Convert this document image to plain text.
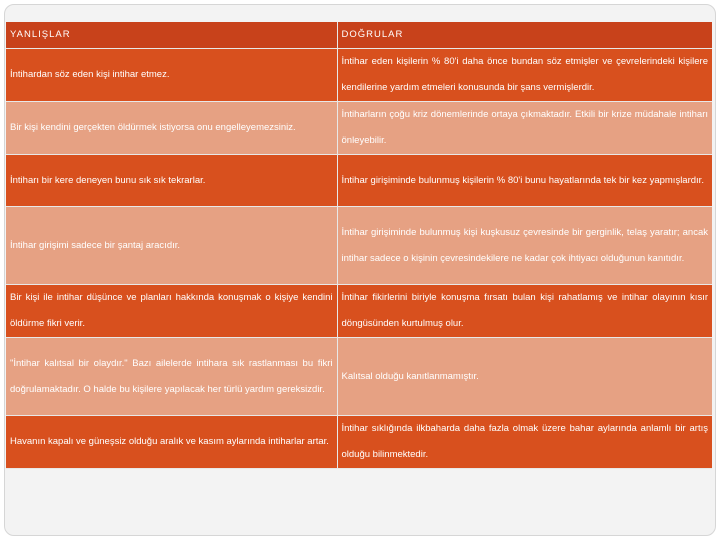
YANLIŞLAR	DOĞRULAR
İntihardan söz eden kişi intihar etmez.	İntihar eden kişilerin % 80'i daha önce bundan söz etmişler ve çevrelerindeki kişilere kendilerine yardım etmeleri konusunda bir şans vermişlerdir.
Bir kişi kendini gerçekten öldürmek istiyorsa onu engelleyemezsiniz.	İntiharların çoğu kriz dönemlerinde ortaya çıkmaktadır. Etkili bir krize müdahale intiharı önleyebilir.
İntiharı bir kere deneyen bunu sık sık tekrarlar.	İntihar girişiminde bulunmuş kişilerin % 80'i bunu hayatlarında tek bir kez yapmışlardır.
İntihar girişimi sadece bir şantaj aracıdır.	İntihar girişiminde bulunmuş kişi kuşkusuz çevresinde bir gerginlik, telaş yaratır; ancak intihar sadece o kişinin çevresindekilere ne kadar çok ihtiyacı olduğunun kanıtıdır.
Bir kişi ile intihar düşünce ve planları hakkında konuşmak o kişiye kendini öldürme fikri verir.	İntihar fikirlerini biriyle konuşma fırsatı bulan kişi rahatlamış ve intihar olayının kısır döngüsünden kurtulmuş olur.
"İntihar kalıtsal bir olaydır." Bazı ailelerde intihara sık rastlanması bu fikri doğrulamaktadır. O halde bu kişilere yapılacak her türlü yardım gereksizdir.	Kalıtsal olduğu kanıtlanmamıştır.
Havanın kapalı ve güneşsiz olduğu aralık ve kasım aylarında intiharlar artar.	İntihar sıklığında ilkbaharda daha fazla olmak üzere bahar aylarında anlamlı bir artış olduğu bilinmektedir.
